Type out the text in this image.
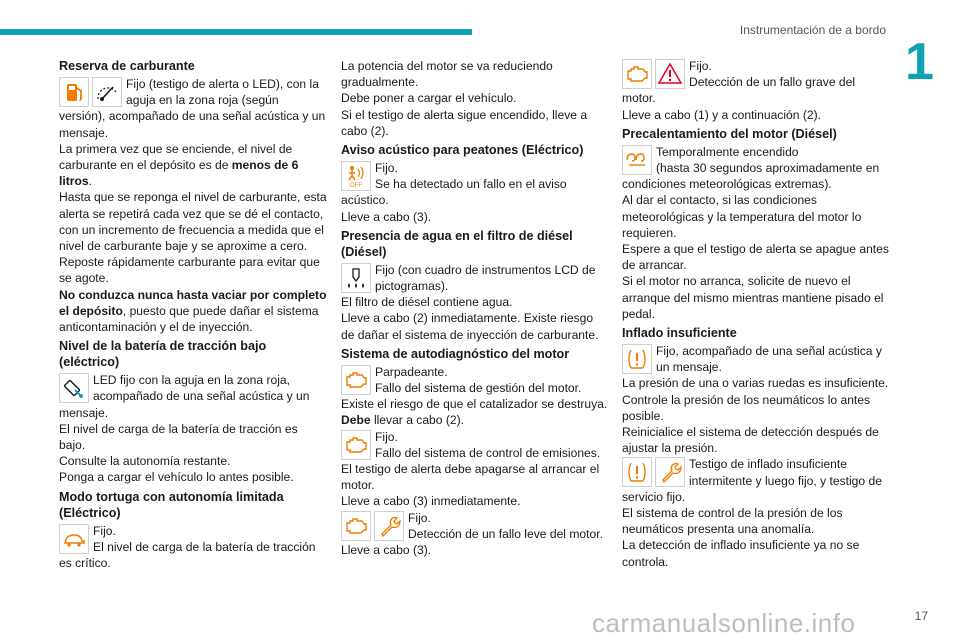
Instrumentación de a bordo
1
Reserva de carburante

Fijo (testigo de alerta o LED), con la aguja en la zona roja (según versión), acompañado de una señal acústica y un mensaje.

La primera vez que se enciende, el nivel de carburante en el depósito es de menos de 6 litros.

Hasta que se reponga el nivel de carburante, esta alerta se repetirá cada vez que se dé el contacto, con un incremento de frecuencia a medida que el nivel de carburante baje y se aproxime a cero.

Reposte rápidamente carburante para evitar que se agote.

No conduzca nunca hasta vaciar por completo el depósito, puesto que puede dañar el sistema anticontaminación y el de inyección.

Nivel de la batería de tracción bajo (eléctrico)

LED fijo con la aguja en la zona roja, acompañado de una señal acústica y un mensaje.

El nivel de carga de la batería de tracción es bajo.

Consulte la autonomía restante.

Ponga a cargar el vehículo lo antes posible.

Modo tortuga con autonomía limitada (Eléctrico)

Fijo.

El nivel de carga de la batería de tracción es crítico.

La potencia del motor se va reduciendo gradualmente.

Debe poner a cargar el vehículo.

Si el testigo de alerta sigue encendido, lleve a cabo (2).

Aviso acústico para peatones (Eléctrico)
OFF

Fijo.

Se ha detectado un fallo en el aviso acústico.

Lleve a cabo (3).

Presencia de agua en el filtro de diésel (Diésel)

Fijo (con cuadro de instrumentos LCD de pictogramas).

El filtro de diésel contiene agua.

Lleve a cabo (2) inmediatamente. Existe riesgo de dañar el sistema de inyección de carburante.

Sistema de autodiagnóstico del motor

Parpadeante.

Fallo del sistema de gestión del motor.

Existe el riesgo de que el catalizador se destruya.

Debe llevar a cabo (2).

Fijo.

Fallo del sistema de control de emisiones.

El testigo de alerta debe apagarse al arrancar el motor.

Lleve a cabo (3) inmediatamente.

Fijo.

Detección de un fallo leve del motor.

Lleve a cabo (3).

Fijo.

Detección de un fallo grave del motor.

Lleve a cabo (1) y a continuación (2).

Precalentamiento del motor (Diésel)

Temporalmente encendido

(hasta 30 segundos aproximadamente en condiciones meteorológicas extremas).

Al dar el contacto, si las condiciones meteorológicas y la temperatura del motor lo requieren.

Espere a que el testigo de alerta se apague antes de arrancar.

Si el motor no arranca, solicite de nuevo el arranque del mismo mientras mantiene pisado el pedal.

Inflado insuficiente

Fijo, acompañado de una señal acústica y un mensaje.

La presión de una o varias ruedas es insuficiente.

Controle la presión de los neumáticos lo antes posible.

Reinicialice el sistema de detección después de ajustar la presión.

Testigo de inflado insuficiente intermitente y luego fijo, y testigo de servicio fijo.

El sistema de control de la presión de los neumáticos presenta una anomalía.

La detección de inflado insuficiente ya no se controla.

carmanualsonline.info	17
